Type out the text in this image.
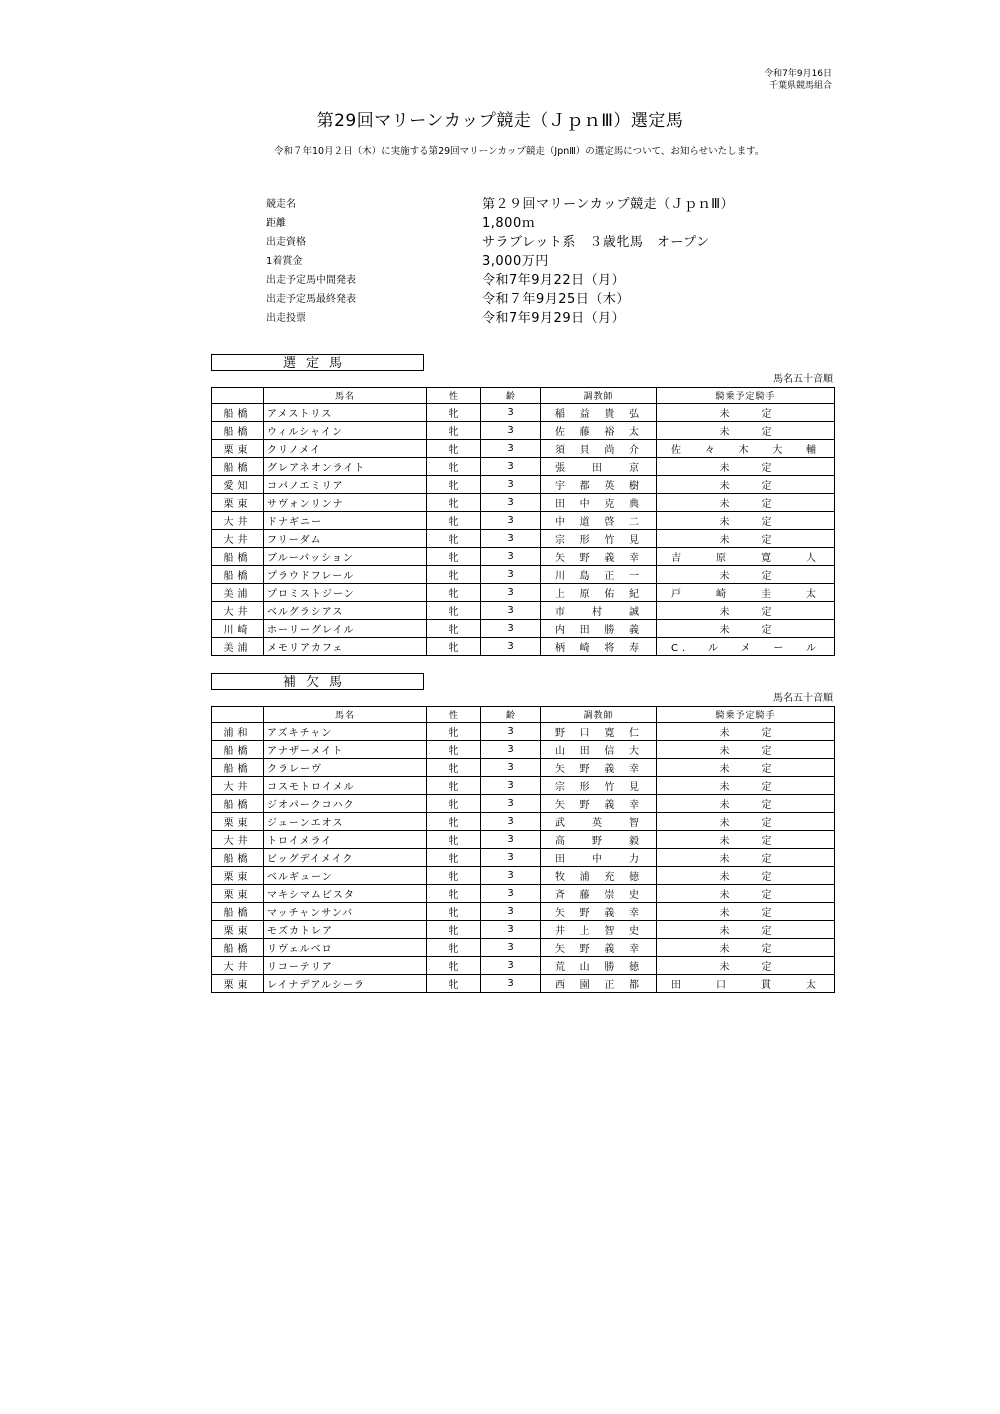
令和7年9月16日
千葉県競馬組合
第29回マリーンカップ競走（ＪｐｎⅢ）選定馬
令和７年10月２日（木）に実施する第29回マリーンカップ競走（JpnⅢ）の選定馬について、お知らせいたします。
競走名	第２９回マリーンカップ競走（ＪｐｎⅢ）
距離	1,800ｍ
出走資格	サラブレット系　３歳牝馬　オープン
1着賞金	3,000万円
出走予定馬中間発表	令和7年9月22日（月）
出走予定馬最終発表	令和７年9月25日（木）
出走投票	令和7年9月29日（月）
選定馬
馬名五十音順
	馬名	性	齢	調教師	騎乗予定騎手
船橋	アメストリス	牝	3	稲益貴弘	未定
船橋	ウィルシャイン	牝	3	佐藤裕太	未定
栗東	クリノメイ	牝	3	須貝尚介	佐々木大輔
船橋	グレアネオンライト	牝	3	張田京	未定
愛知	コパノエミリア	牝	3	宇都英樹	未定
栗東	サヴォンリンナ	牝	3	田中克典	未定
大井	ドナギニー	牝	3	中道啓二	未定
大井	フリーダム	牝	3	宗形竹見	未定
船橋	ブルーパッション	牝	3	矢野義幸	吉原寛人
船橋	プラウドフレール	牝	3	川島正一	未定
美浦	プロミストジーン	牝	3	上原佑紀	戸崎圭太
大井	ベルグラシアス	牝	3	市村誠	未定
川崎	ホーリーグレイル	牝	3	内田勝義	未定
美浦	メモリアカフェ	牝	3	柄崎将寿	C.ルメール
補欠馬
馬名五十音順
	馬名	性	齢	調教師	騎乗予定騎手
浦和	アズキチャン	牝	3	野口寛仁	未定
船橋	アナザーメイト	牝	3	山田信大	未定
船橋	クラレーヴ	牝	3	矢野義幸	未定
大井	コスモトロイメル	牝	3	宗形竹見	未定
船橋	ジオパークコハク	牝	3	矢野義幸	未定
栗東	ジューンエオス	牝	3	武英智	未定
大井	トロイメライ	牝	3	高野毅	未定
船橋	ビッグデイメイク	牝	3	田中力	未定
栗東	ベルギューン	牝	3	牧浦充徳	未定
栗東	マキシマムビスタ	牝	3	斉藤崇史	未定
船橋	マッチャンサンバ	牝	3	矢野義幸	未定
栗東	モズカトレア	牝	3	井上智史	未定
船橋	リヴェルベロ	牝	3	矢野義幸	未定
大井	リコーテリア	牝	3	荒山勝徳	未定
栗東	レイナデアルシーラ	牝	3	西園正都	田口貫太
